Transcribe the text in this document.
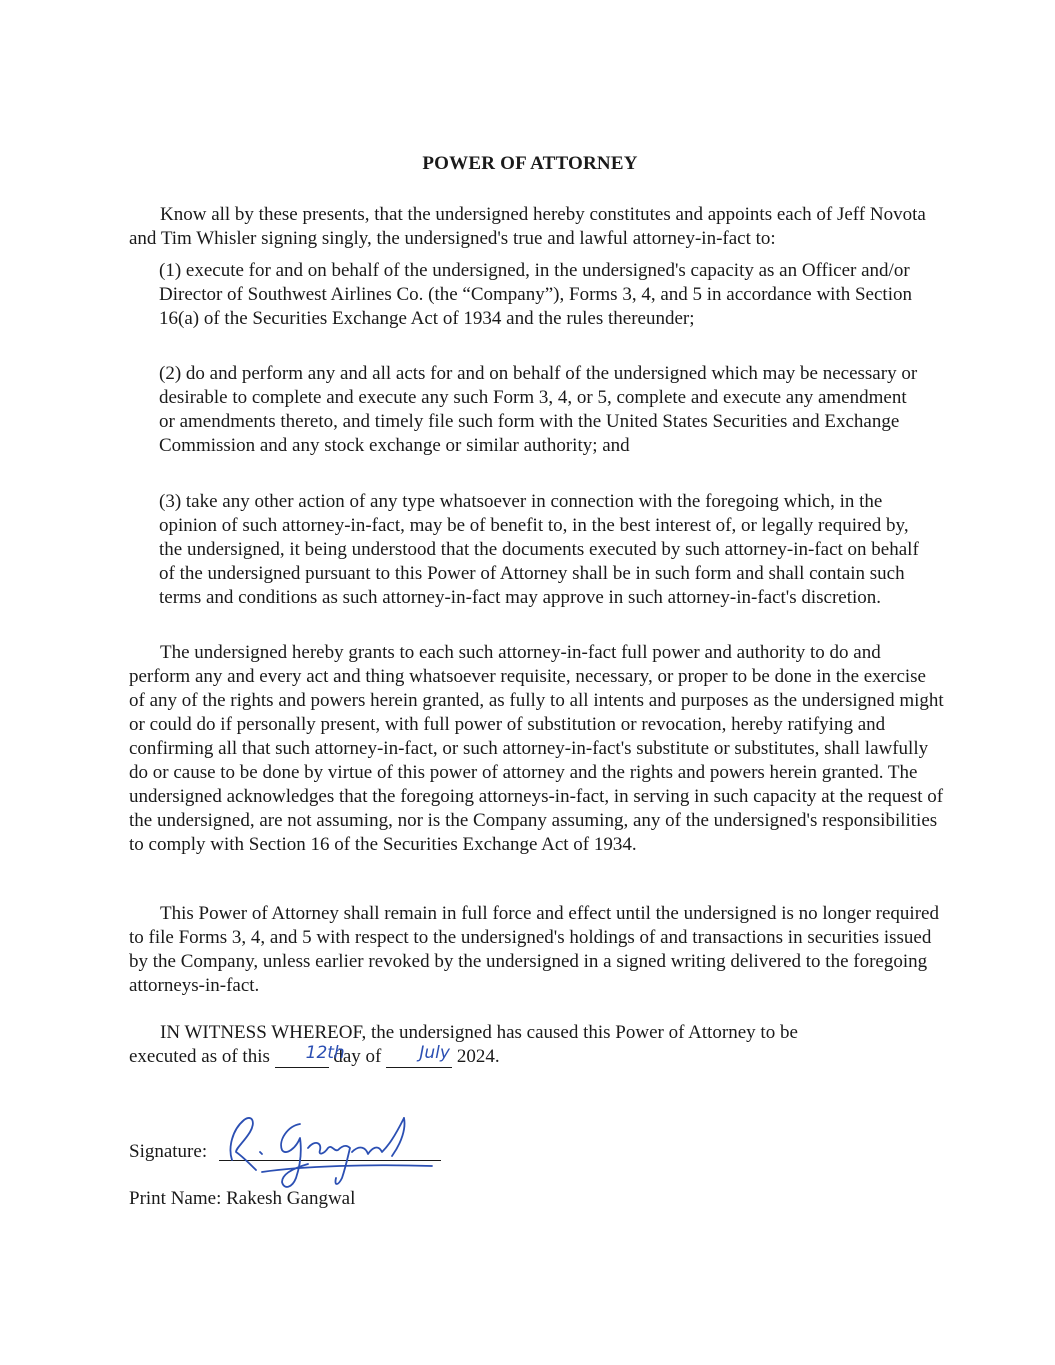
POWER OF ATTORNEY

Know all by these presents, that the undersigned hereby constitutes and appoints each of Jeff Novota and Tim Whisler signing singly, the undersigned's true and lawful attorney-in-fact to:

(1) execute for and on behalf of the undersigned, in the undersigned's capacity as an Officer and/or Director of Southwest Airlines Co. (the “Company”), Forms 3, 4, and 5 in accordance with Section 16(a) of the Securities Exchange Act of 1934 and the rules thereunder;

(2) do and perform any and all acts for and on behalf of the undersigned which may be necessary or desirable to complete and execute any such Form 3, 4, or 5, complete and execute any amendment or amendments thereto, and timely file such form with the United States Securities and Exchange Commission and any stock exchange or similar authority; and

(3) take any other action of any type whatsoever in connection with the foregoing which, in the opinion of such attorney-in-fact, may be of benefit to, in the best interest of, or legally required by, the undersigned, it being understood that the documents executed by such attorney-in-fact on behalf of the undersigned pursuant to this Power of Attorney shall be in such form and shall contain such terms and conditions as such attorney-in-fact may approve in such attorney-in-fact's discretion.

The undersigned hereby grants to each such attorney-in-fact full power and authority to do and perform any and every act and thing whatsoever requisite, necessary, or proper to be done in the exercise of any of the rights and powers herein granted, as fully to all intents and purposes as the undersigned might or could do if personally present, with full power of substitution or revocation, hereby ratifying and confirming all that such attorney-in-fact, or such attorney-in-fact's substitute or substitutes, shall lawfully do or cause to be done by virtue of this power of attorney and the rights and powers herein granted. The undersigned acknowledges that the foregoing attorneys-in-fact, in serving in such capacity at the request of the undersigned, are not assuming, nor is the Company assuming, any of the undersigned's responsibilities to comply with Section 16 of the Securities Exchange Act of 1934.

This Power of Attorney shall remain in full force and effect until the undersigned is no longer required to file Forms 3, 4, and 5 with respect to the undersigned's holdings of and transactions in securities issued by the Company, unless earlier revoked by the undersigned in a signed writing delivered to the foregoing attorneys-in-fact.

IN WITNESS WHEREOF, the undersigned has caused this Power of Attorney to be
executed as of this 12th day of July 2024.

Signature:
Print Name: Rakesh Gangwal
